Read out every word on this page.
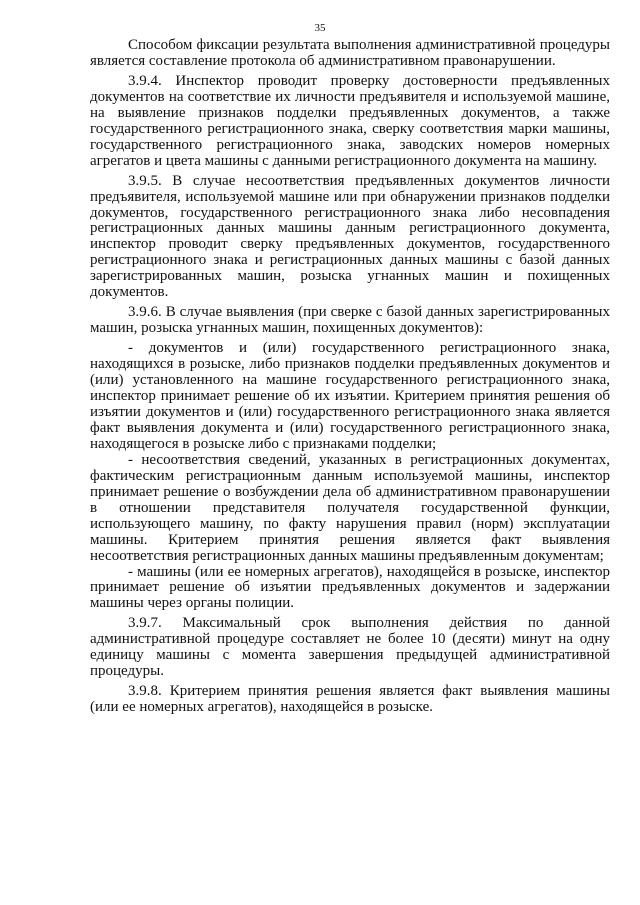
35

Способом фиксации результата выполнения административной процедуры является составление протокола об административном правонарушении.

3.9.4. Инспектор проводит проверку достоверности предъявленных документов на соответствие их личности предъявителя и используемой машине, на выявление признаков подделки предъявленных документов, а также государственного регистрационного знака, сверку соответствия марки машины, государственного регистрационного знака, заводских номеров номерных агрегатов и цвета машины с данными регистрационного документа на машину.

3.9.5. В случае несоответствия предъявленных документов личности предъявителя, используемой машине или при обнаружении признаков подделки документов, государственного регистрационного знака либо несовпадения регистрационных данных машины данным регистрационного документа, инспектор проводит сверку предъявленных документов, государственного регистрационного знака и регистрационных данных машины с базой данных зарегистрированных машин, розыска угнанных машин и похищенных документов.

3.9.6. В случае выявления (при сверке с базой данных зарегистрированных машин, розыска угнанных машин, похищенных документов):

- документов и (или) государственного регистрационного знака, находящихся в розыске, либо признаков подделки предъявленных документов и (или) установленного на машине государственного регистрационного знака, инспектор принимает решение об их изъятии. Критерием принятия решения об изъятии документов и (или) государственного регистрационного знака является факт выявления документа и (или) государственного регистрационного знака, находящегося в розыске либо с признаками подделки;

- несоответствия сведений, указанных в регистрационных документах, фактическим регистрационным данным используемой машины, инспектор принимает решение о возбуждении дела об административном правонарушении в отношении представителя получателя государственной функции, использующего машину, по факту нарушения правил (норм) эксплуатации машины. Критерием принятия решения является факт выявления несоответствия регистрационных данных машины предъявленным документам;

- машины (или ее номерных агрегатов), находящейся в розыске, инспектор принимает решение об изъятии предъявленных документов и задержании машины через органы полиции.

3.9.7. Максимальный срок выполнения действия по данной административной процедуре составляет не более 10 (десяти) минут на одну единицу машины с момента завершения предыдущей административной процедуры.

3.9.8. Критерием принятия решения является факт выявления машины (или ее номерных агрегатов), находящейся в розыске.
